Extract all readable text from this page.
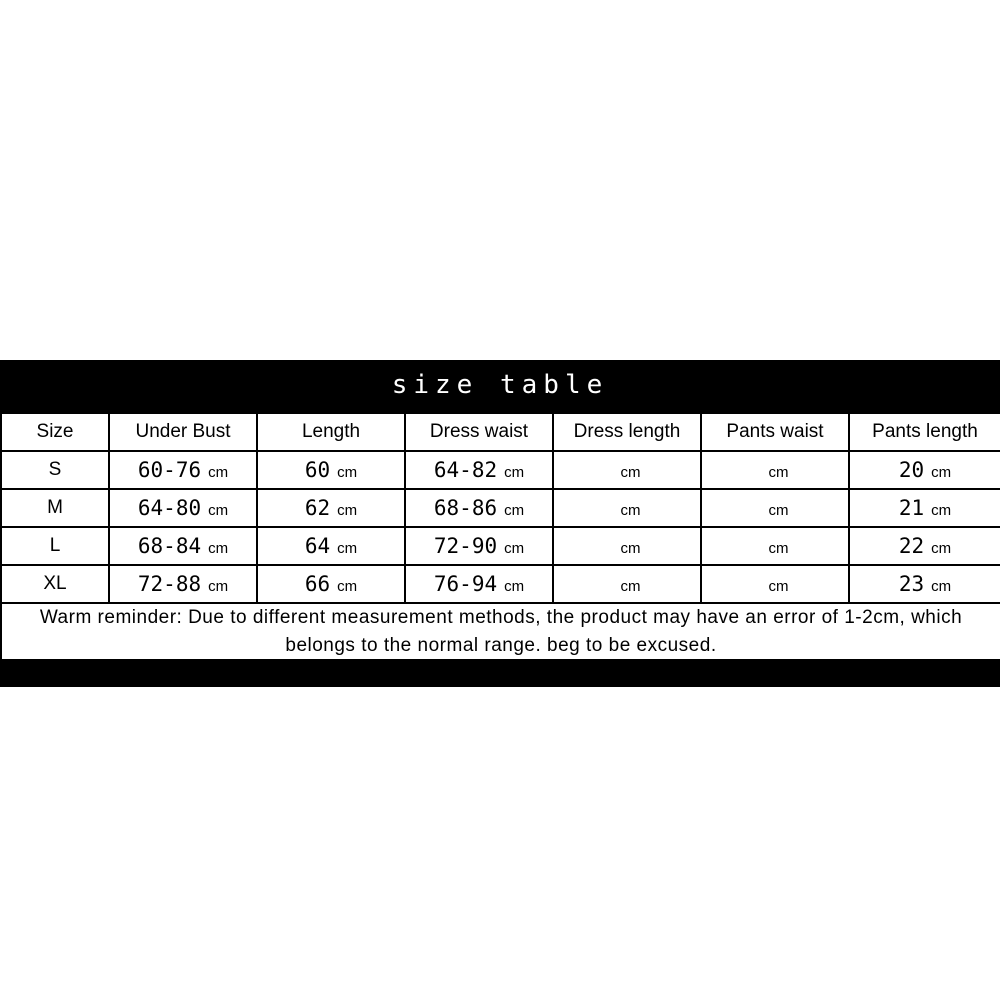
size table
Size	Under Bust	Length	Dress waist	Dress length	Pants waist	Pants length
S	60-76 cm	60 cm	64-82 cm	cm	cm	20 cm
M	64-80 cm	62 cm	68-86 cm	cm	cm	21 cm
L	68-84 cm	64 cm	72-90 cm	cm	cm	22 cm
XL	72-88 cm	66 cm	76-94 cm	cm	cm	23 cm
Warm reminder: Due to different measurement methods, the product may have an error of 1-2cm, which belongs to the normal range. beg to be excused.						
